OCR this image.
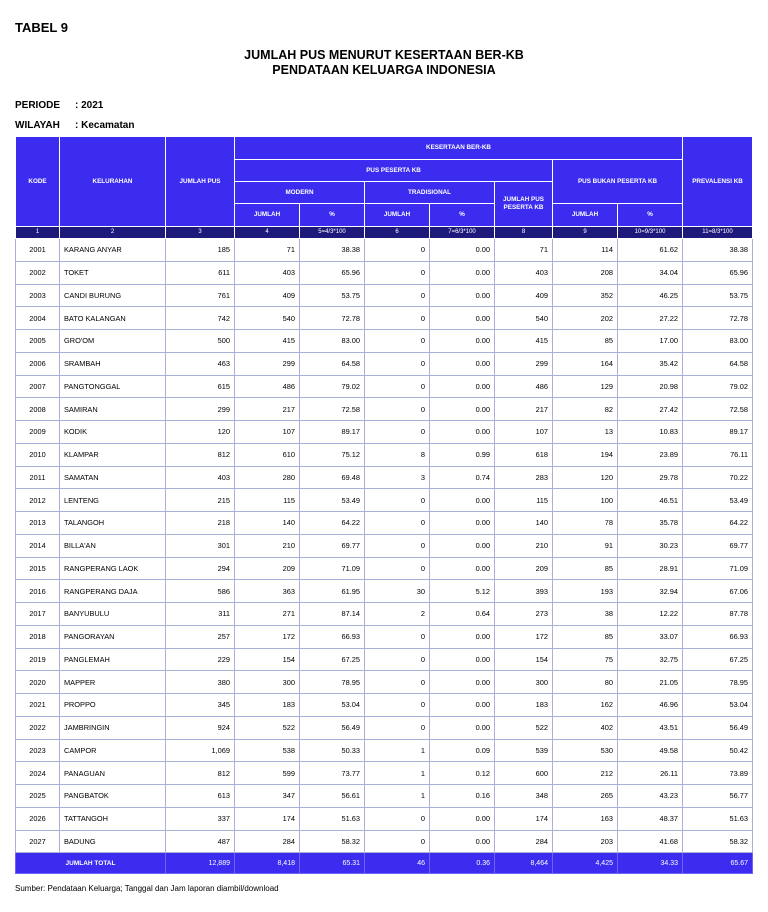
TABEL 9
JUMLAH PUS MENURUT KESERTAAN BER-KB
PENDATAAN KELUARGA INDONESIA
PERIODE : 2021
WILAYAH : Kecamatan
KODE	KELURAHAN	JUMLAH PUS	KESERTAAN BER-KB							PREVALENSI KB
			PUS PESERTA KB					PUS BUKAN PESERTA KB		
			MODERN		TRADISIONAL		JUMLAH PUS PESERTA KB			
			JUMLAH	%	JUMLAH	%		JUMLAH	%	
1	2	3	4	5=4/3*100	6	7=6/3*100	8	9	10=9/3*100	11=8/3*100
2001	KARANG ANYAR	185	71	38.38	0	0.00	71	114	61.62	38.38
2002	TOKET	611	403	65.96	0	0.00	403	208	34.04	65.96
2003	CANDI BURUNG	761	409	53.75	0	0.00	409	352	46.25	53.75
2004	BATO KALANGAN	742	540	72.78	0	0.00	540	202	27.22	72.78
2005	GRO'OM	500	415	83.00	0	0.00	415	85	17.00	83.00
2006	SRAMBAH	463	299	64.58	0	0.00	299	164	35.42	64.58
2007	PANGTONGGAL	615	486	79.02	0	0.00	486	129	20.98	79.02
2008	SAMIRAN	299	217	72.58	0	0.00	217	82	27.42	72.58
2009	KODIK	120	107	89.17	0	0.00	107	13	10.83	89.17
2010	KLAMPAR	812	610	75.12	8	0.99	618	194	23.89	76.11
2011	SAMATAN	403	280	69.48	3	0.74	283	120	29.78	70.22
2012	LENTENG	215	115	53.49	0	0.00	115	100	46.51	53.49
2013	TALANGOH	218	140	64.22	0	0.00	140	78	35.78	64.22
2014	BILLA'AN	301	210	69.77	0	0.00	210	91	30.23	69.77
2015	RANGPERANG LAOK	294	209	71.09	0	0.00	209	85	28.91	71.09
2016	RANGPERANG DAJA	586	363	61.95	30	5.12	393	193	32.94	67.06
2017	BANYUBULU	311	271	87.14	2	0.64	273	38	12.22	87.78
2018	PANGORAYAN	257	172	66.93	0	0.00	172	85	33.07	66.93
2019	PANGLEMAH	229	154	67.25	0	0.00	154	75	32.75	67.25
2020	MAPPER	380	300	78.95	0	0.00	300	80	21.05	78.95
2021	PROPPO	345	183	53.04	0	0.00	183	162	46.96	53.04
2022	JAMBRINGIN	924	522	56.49	0	0.00	522	402	43.51	56.49
2023	CAMPOR	1,069	538	50.33	1	0.09	539	530	49.58	50.42
2024	PANAGUAN	812	599	73.77	1	0.12	600	212	26.11	73.89
2025	PANGBATOK	613	347	56.61	1	0.16	348	265	43.23	56.77
2026	TATTANGOH	337	174	51.63	0	0.00	174	163	48.37	51.63
2027	BADUNG	487	284	58.32	0	0.00	284	203	41.68	58.32
JUMLAH TOTAL		12,889	8,418	65.31	46	0.36	8,464	4,425	34.33	65.67
Sumber: Pendataan Keluarga; Tanggal dan Jam laporan diambil/download
